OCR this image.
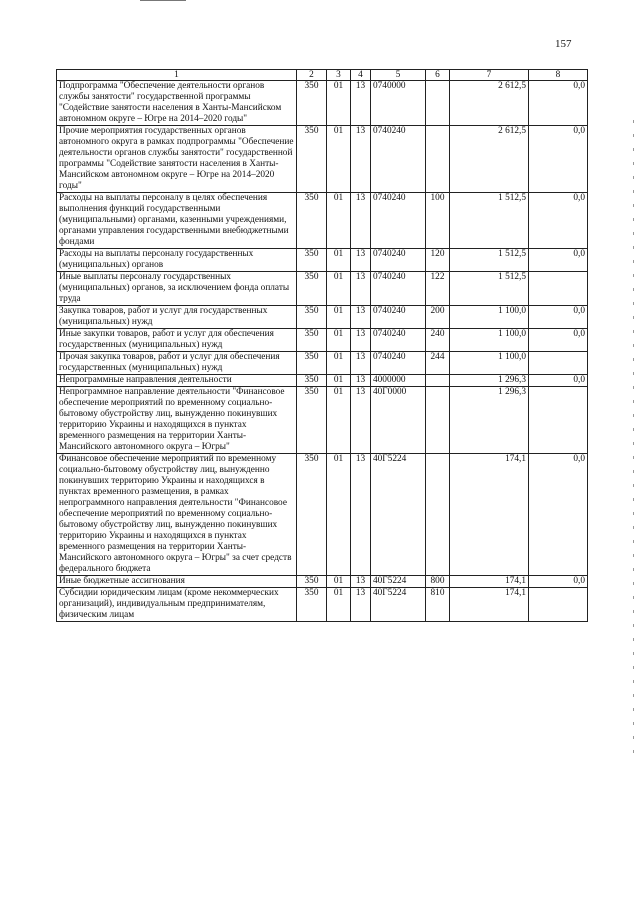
157
1	2	3	4	5	6	7	8
Подпрограмма "Обеспечение деятельности органов службы занятости" государственной программы "Содействие занятости населения в Ханты-Мансийском автономном округе – Югре на 2014–2020 годы"	350	01	13	0740000		2 612,5	0,0
Прочие мероприятия государственных органов автономного округа в рамках подпрограммы "Обеспечение деятельности органов службы занятости" государственной программы "Содействие занятости населения в Ханты-Мансийском автономном округе – Югре на 2014–2020 годы"	350	01	13	0740240		2 612,5	0,0
Расходы на выплаты персоналу в целях обеспечения выполнения функций государственными (муниципальными) органами, казенными учреждениями, органами управления государственными внебюджетными фондами	350	01	13	0740240	100	1 512,5	0,0
Расходы на выплаты персоналу государственных (муниципальных) органов	350	01	13	0740240	120	1 512,5	0,0
Иные выплаты персоналу государственных (муниципальных) органов, за исключением фонда оплаты труда	350	01	13	0740240	122	1 512,5	
Закупка товаров, работ и услуг для государственных (муниципальных) нужд	350	01	13	0740240	200	1 100,0	0,0
Иные закупки товаров, работ и услуг для обеспечения государственных (муниципальных) нужд	350	01	13	0740240	240	1 100,0	0,0
Прочая закупка товаров, работ и услуг для обеспечения государственных (муниципальных) нужд	350	01	13	0740240	244	1 100,0	
Непрограммные направления деятельности	350	01	13	4000000		1 296,3	0,0
Непрограммное направление деятельности "Финансовое обеспечение мероприятий по временному социально-бытовому обустройству лиц, вынужденно покинувших территорию Украины и находящихся в пунктах временного размещения на территории Ханты-Мансийского автономного округа – Югры"	350	01	13	40Г0000		1 296,3	
Финансовое обеспечение мероприятий по временному социально-бытовому обустройству лиц, вынужденно покинувших территорию Украины и находящихся в пунктах временного размещения, в рамках непрограммного направления деятельности "Финансовое обеспечение мероприятий по временному социально-бытовому обустройству лиц, вынужденно покинувших территорию Украины и находящихся в пунктах временного размещения на территории Ханты-Мансийского автономного округа – Югры" за счет средств федерального бюджета	350	01	13	40Г5224		174,1	0,0
Иные бюджетные ассигнования	350	01	13	40Г5224	800	174,1	0,0
Субсидии юридическим лицам (кроме некоммерческих организаций), индивидуальным предпринимателям, физическим лицам	350	01	13	40Г5224	810	174,1	
